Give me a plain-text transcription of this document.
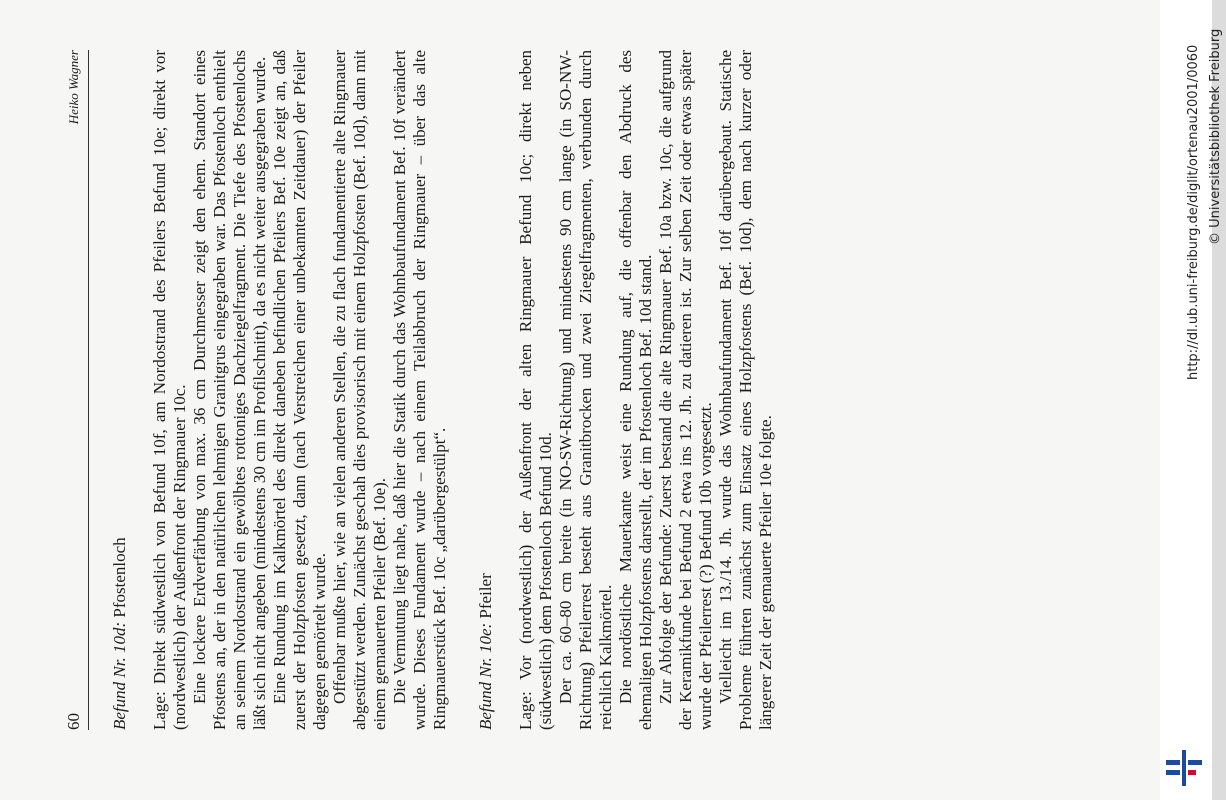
60
Heiko Wagner

Befund Nr. 10d: Pfostenloch Lage: Direkt südwestlich von Befund 10f, am Nordostrand des Pfeilers Befund 10e; direkt vor (nordwestlich) der Außenfront der Ringmauer 10c. Eine lockere Erdverfärbung von max. 36 cm Durchmesser zeigt den ehem. Standort eines Pfostens an, der in den natürlichen lehmigen Granitgrus eingegraben war. Das Pfostenloch enthielt an seinem Nordostrand ein gewölbtes rottoniges Dachziegelfragment. Die Tiefe des Pfostenlochs läßt sich nicht angeben (mindestens 30 cm im Profilschnitt), da es nicht weiter ausgegraben wurde. Eine Rundung im Kalkmörtel des direkt daneben befindlichen Pfeilers Bef. 10e zeigt an, daß zuerst der Holzpfosten gesetzt, dann (nach Verstreichen einer unbekannten Zeitdauer) der Pfeiler dagegen gemörtelt wurde. Offenbar mußte hier, wie an vielen anderen Stellen, die zu flach fundamentierte alte Ringmauer abgestützt werden. Zunächst geschah dies provisorisch mit einem Holzpfosten (Bef. 10d), dann mit einem gemauerten Pfeiler (Bef. 10e). Die Vermutung liegt nahe, daß hier die Statik durch das Wohnbaufundament Bef. 10f verändert wurde. Dieses Fundament wurde – nach einem Teilabbruch der Ringmauer – über das alte Ringmauerstück Bef. 10c „darübergestülpt“. Befund Nr. 10e: Pfeiler Lage: Vor (nordwestlich) der Außenfront der alten Ringmauer Befund 10c; direkt neben (südwestlich) dem Pfostenloch Befund 10d. Der ca. 60–80 cm breite (in NO-SW-Richtung) und mindestens 90 cm lange (in SO-NW-Richtung) Pfeilerrest besteht aus Granitbrocken und zwei Ziegelfragmenten, verbunden durch reichlich Kalkmörtel. Die nordöstliche Mauerkante weist eine Rundung auf, die offenbar den Abdruck des ehemaligen Holzpfostens darstellt, der im Pfostenloch Bef. 10d stand. Zur Abfolge der Befunde: Zuerst bestand die alte Ringmauer Bef. 10a bzw. 10c, die aufgrund der Keramikfunde bei Befund 2 etwa ins 12. Jh. zu datieren ist. Zur selben Zeit oder etwas später wurde der Pfeilerrest (?) Befund 10b vorgesetzt. Vielleicht im 13./14. Jh. wurde das Wohnbaufundament Bef. 10f darübergebaut. Statische Probleme führten zunächst zum Einsatz eines Holzpfostens (Bef. 10d), dem nach kurzer oder längerer Zeit der gemauerte Pfeiler 10e folgte.

http://dl.ub.uni-freiburg.de/diglit/ortenau2001/0060 © Universitätsbibliothek Freiburg
